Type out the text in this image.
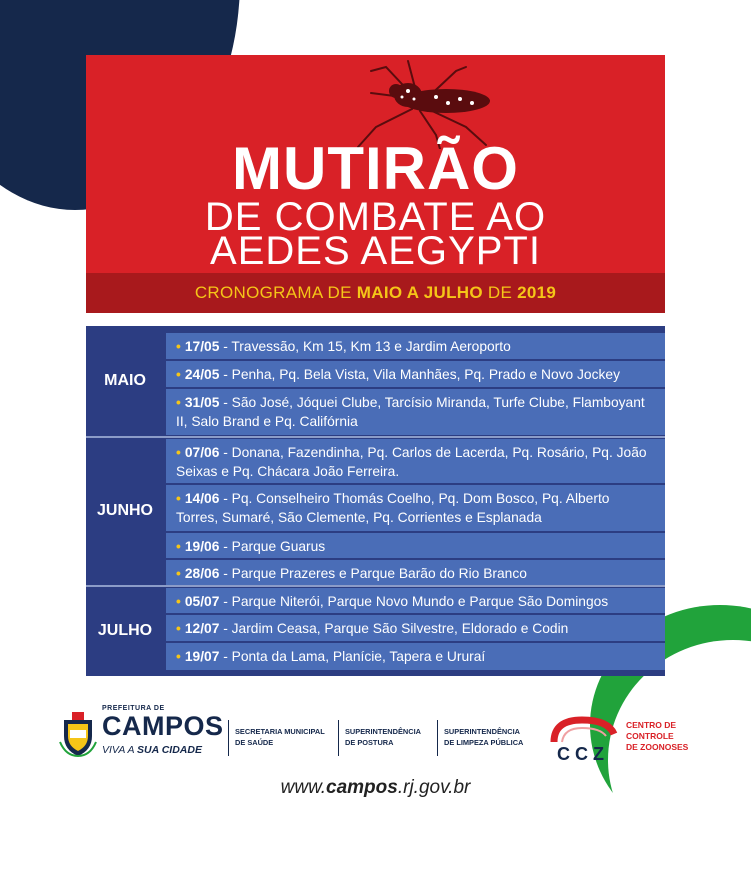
MUTIRÃO
DE COMBATE AO
AEDES AEGYPTI
CRONOGRAMA DE MAIO A JULHO DE 2019
MAIO
JUNHO
JULHO
• 17/05 - Travessão, Km 15, Km 13 e Jardim Aeroporto
• 24/05 - Penha, Pq. Bela Vista, Vila Manhães, Pq. Prado e Novo Jockey
• 31/05 - São José, Jóquei Clube, Tarcísio Miranda, Turfe Clube, Flamboyant II, Salo Brand e Pq. Califórnia
• 07/06 - Donana, Fazendinha, Pq. Carlos de Lacerda, Pq. Rosário, Pq. João Seixas e Pq. Chácara João Ferreira.
• 14/06 - Pq. Conselheiro Thomás Coelho, Pq. Dom Bosco, Pq. Alberto Torres, Sumaré, São Clemente, Pq. Corrientes e Esplanada
• 19/06 - Parque Guarus
• 28/06 - Parque Prazeres e Parque Barão do Rio Branco
• 05/07 - Parque Niterói, Parque Novo Mundo e Parque São Domingos
• 12/07 - Jardim Ceasa, Parque São Silvestre, Eldorado e Codin
• 19/07 - Ponta da Lama, Planície, Tapera e Ururaí
PREFEITURA DE
CAMPOS
VIVA A SUA CIDADE
SECRETARIA MUNICIPAL
DE SAÚDE
SUPERINTENDÊNCIA
DE POSTURA
SUPERINTENDÊNCIA
DE LIMPEZA PÚBLICA
CCZ
CENTRO DE
CONTROLE
DE ZOONOSES
www.campos.rj.gov.br
